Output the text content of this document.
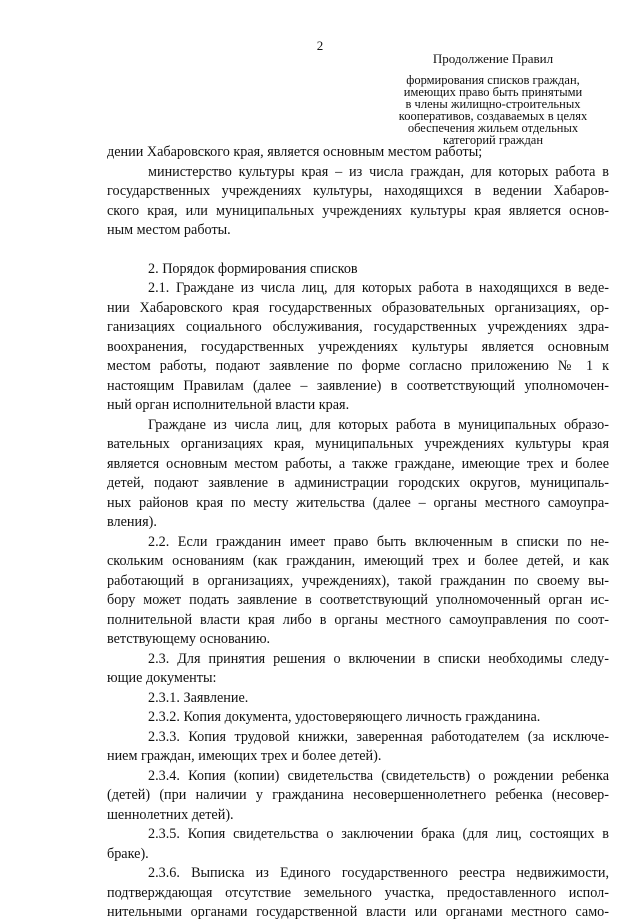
2
Продолжение Правил
формирования списков граждан,
имеющих право быть принятыми
в члены жилищно-строительных
кооперативов, создаваемых в целях
обеспечения жильем отдельных
категорий граждан
дении Хабаровского края, является основным местом работы;
министерство культуры края – из числа граждан, для которых работа в
государственных учреждениях культуры, находящихся в ведении Хабаров-
ского края, или муниципальных учреждениях культуры края является основ-
ным местом работы.
2. Порядок формирования списков
2.1. Граждане из числа лиц, для которых работа в находящихся в веде-
нии Хабаровского края государственных образовательных организациях, ор-
ганизациях социального обслуживания, государственных учреждениях здра-
воохранения, государственных учреждениях культуры является основным
местом работы, подают заявление по форме согласно приложению № 1 к
настоящим Правилам (далее – заявление) в соответствующий уполномочен-
ный орган исполнительной власти края.
Граждане из числа лиц, для которых работа в муниципальных образо-
вательных организациях края, муниципальных учреждениях культуры края
является основным местом работы, а также граждане, имеющие трех и более
детей, подают заявление в администрации городских округов, муниципаль-
ных районов края по месту жительства (далее – органы местного самоупра-
вления).
2.2. Если гражданин имеет право быть включенным в списки по не-
скольким основаниям (как гражданин, имеющий трех и более детей, и как
работающий в организациях, учреждениях), такой гражданин по своему вы-
бору может подать заявление в соответствующий уполномоченный орган ис-
полнительной власти края либо в органы местного самоуправления по соот-
ветствующему основанию.
2.3. Для принятия решения о включении в списки необходимы следу-
ющие документы:
2.3.1. Заявление.
2.3.2. Копия документа, удостоверяющего личность гражданина.
2.3.3. Копия трудовой книжки, заверенная работодателем (за исключе-
нием граждан, имеющих трех и более детей).
2.3.4. Копия (копии) свидетельства (свидетельств) о рождении ребенка
(детей) (при наличии у гражданина несовершеннолетнего ребенка (несовер-
шеннолетних детей).
2.3.5. Копия свидетельства о заключении брака (для лиц, состоящих в
браке).
2.3.6. Выписка из Единого государственного реестра недвижимости,
подтверждающая отсутствие земельного участка, предоставленного испол-
нительными органами государственной власти или органами местного само-
